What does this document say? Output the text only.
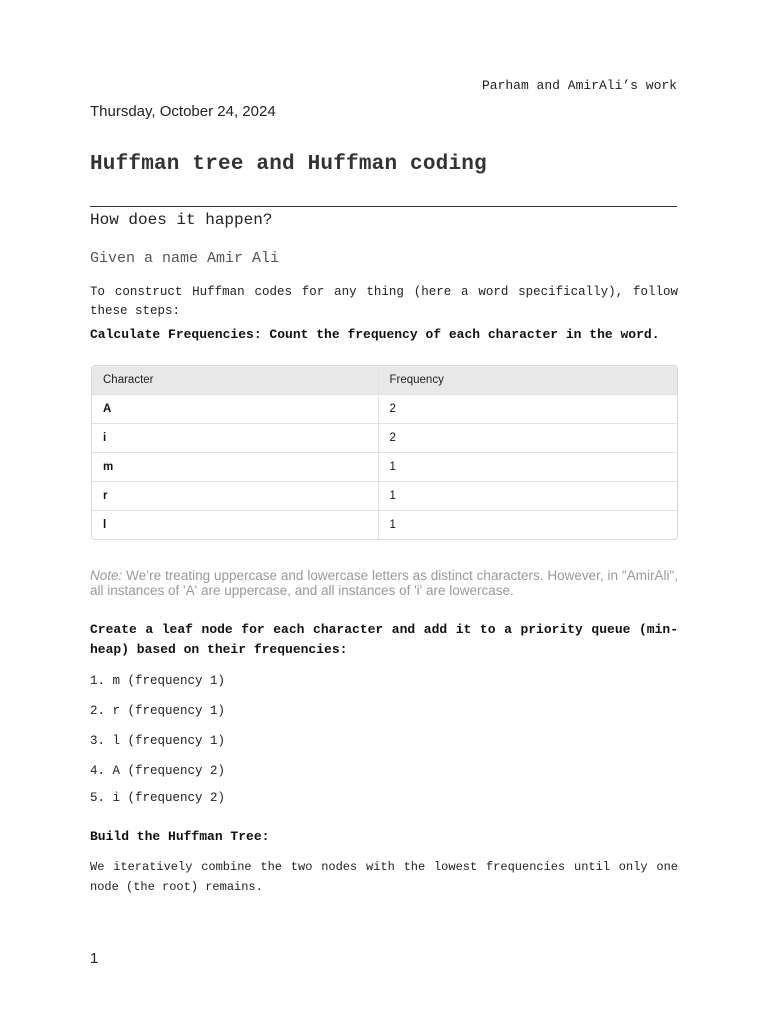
Parham and AmirAli’s work
Thursday, October 24, 2024
Huffman tree and Huffman coding
How does it happen?
Given a name Amir Ali
To construct Huffman codes for any thing (here a word specifically), follow these steps:
Calculate Frequencies: Count the frequency of each character in the word.
Character	Frequency
A	2
i	2
m	1
r	1
l	1
Note: We’re treating uppercase and lowercase letters as distinct characters. However, in "AmirAli", all instances of 'A' are uppercase, and all instances of 'i' are lowercase.
Create a leaf node for each character and add it to a priority queue (min-heap) based on their frequencies:
1. m (frequency 1)
2. r (frequency 1)
3. l (frequency 1)
4. A (frequency 2)
5. i (frequency 2)
Build the Huffman Tree:
We iteratively combine the two nodes with the lowest frequencies until only one node (the root) remains.
1
